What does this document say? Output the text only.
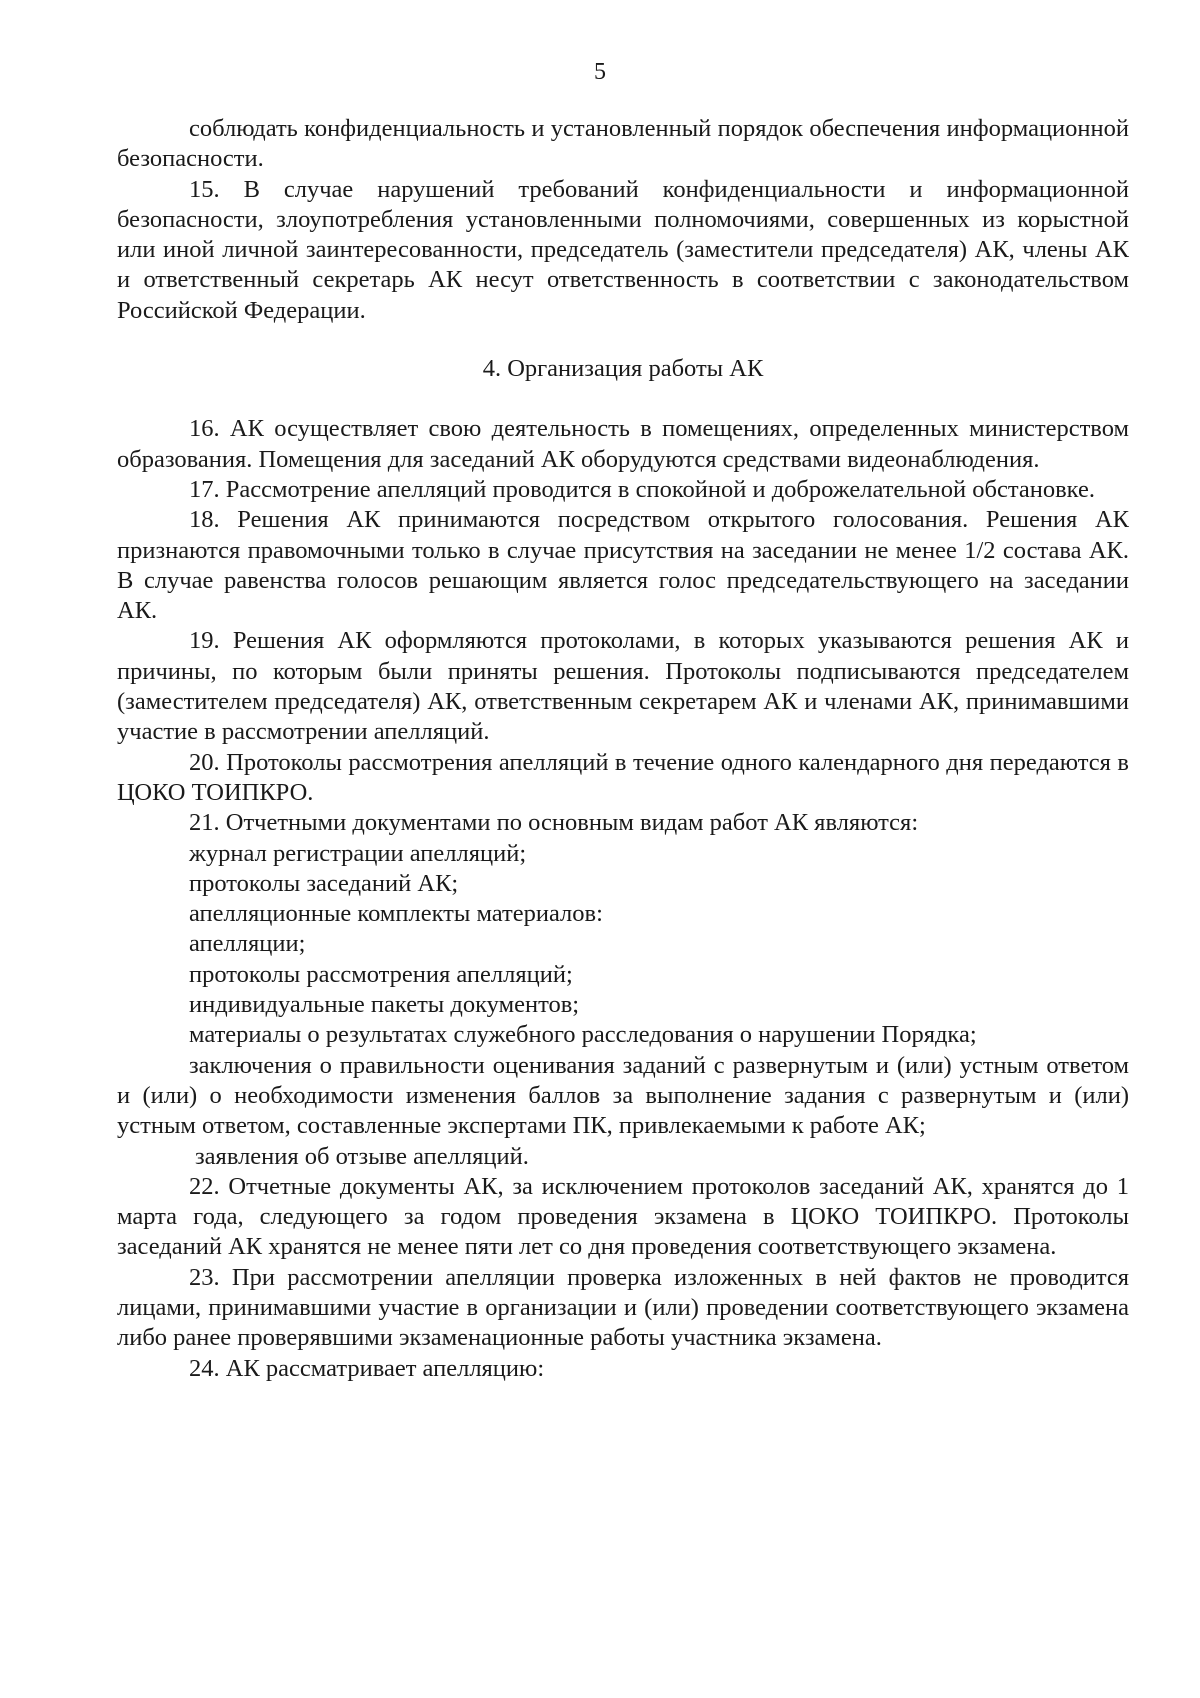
5

соблюдать конфиденциальность и установленный порядок обеспечения информационной безопасности.

15. В случае нарушений требований конфиденциальности и информационной безопасности, злоупотребления установленными полномочиями, совершенных из корыстной или иной личной заинтересованности, председатель (заместители председателя) АК, члены АК и ответственный секретарь АК несут ответственность в соответствии с законодательством Российской Федерации.

4. Организация работы АК

16. АК осуществляет свою деятельность в помещениях, определенных министерством образования. Помещения для заседаний АК оборудуются средствами видеонаблюдения.

17. Рассмотрение апелляций проводится в спокойной и доброжелательной обстановке.

18. Решения АК принимаются посредством открытого голосования. Решения АК признаются правомочными только в случае присутствия на заседании не менее 1/2 состава АК. В случае равенства голосов решающим является голос председательствующего на заседании АК.

19. Решения АК оформляются протоколами, в которых указываются решения АК и причины, по которым были приняты решения. Протоколы подписываются председателем (заместителем председателя) АК, ответственным секретарем АК и членами АК, принимавшими участие в рассмотрении апелляций.

20. Протоколы рассмотрения апелляций в течение одного календарного дня передаются в ЦОКО ТОИПКРО.

21. Отчетными документами по основным видам работ АК являются:

журнал регистрации апелляций;

протоколы заседаний АК;

апелляционные комплекты материалов:

апелляции;

протоколы рассмотрения апелляций;

индивидуальные пакеты документов;

материалы о результатах служебного расследования о нарушении Порядка;

заключения о правильности оценивания заданий с развернутым и (или) устным ответом и (или) о необходимости изменения баллов за выполнение задания с развернутым и (или) устным ответом, составленные экспертами ПК, привлекаемыми к работе АК;

заявления об отзыве апелляций.

22. Отчетные документы АК, за исключением протоколов заседаний АК, хранятся до 1 марта года, следующего за годом проведения экзамена в ЦОКО ТОИПКРО. Протоколы заседаний АК хранятся не менее пяти лет со дня проведения соответствующего экзамена.

23. При рассмотрении апелляции проверка изложенных в ней фактов не проводится лицами, принимавшими участие в организации и (или) проведении соответствующего экзамена либо ранее проверявшими экзаменационные работы участника экзамена.

24. АК рассматривает апелляцию:
